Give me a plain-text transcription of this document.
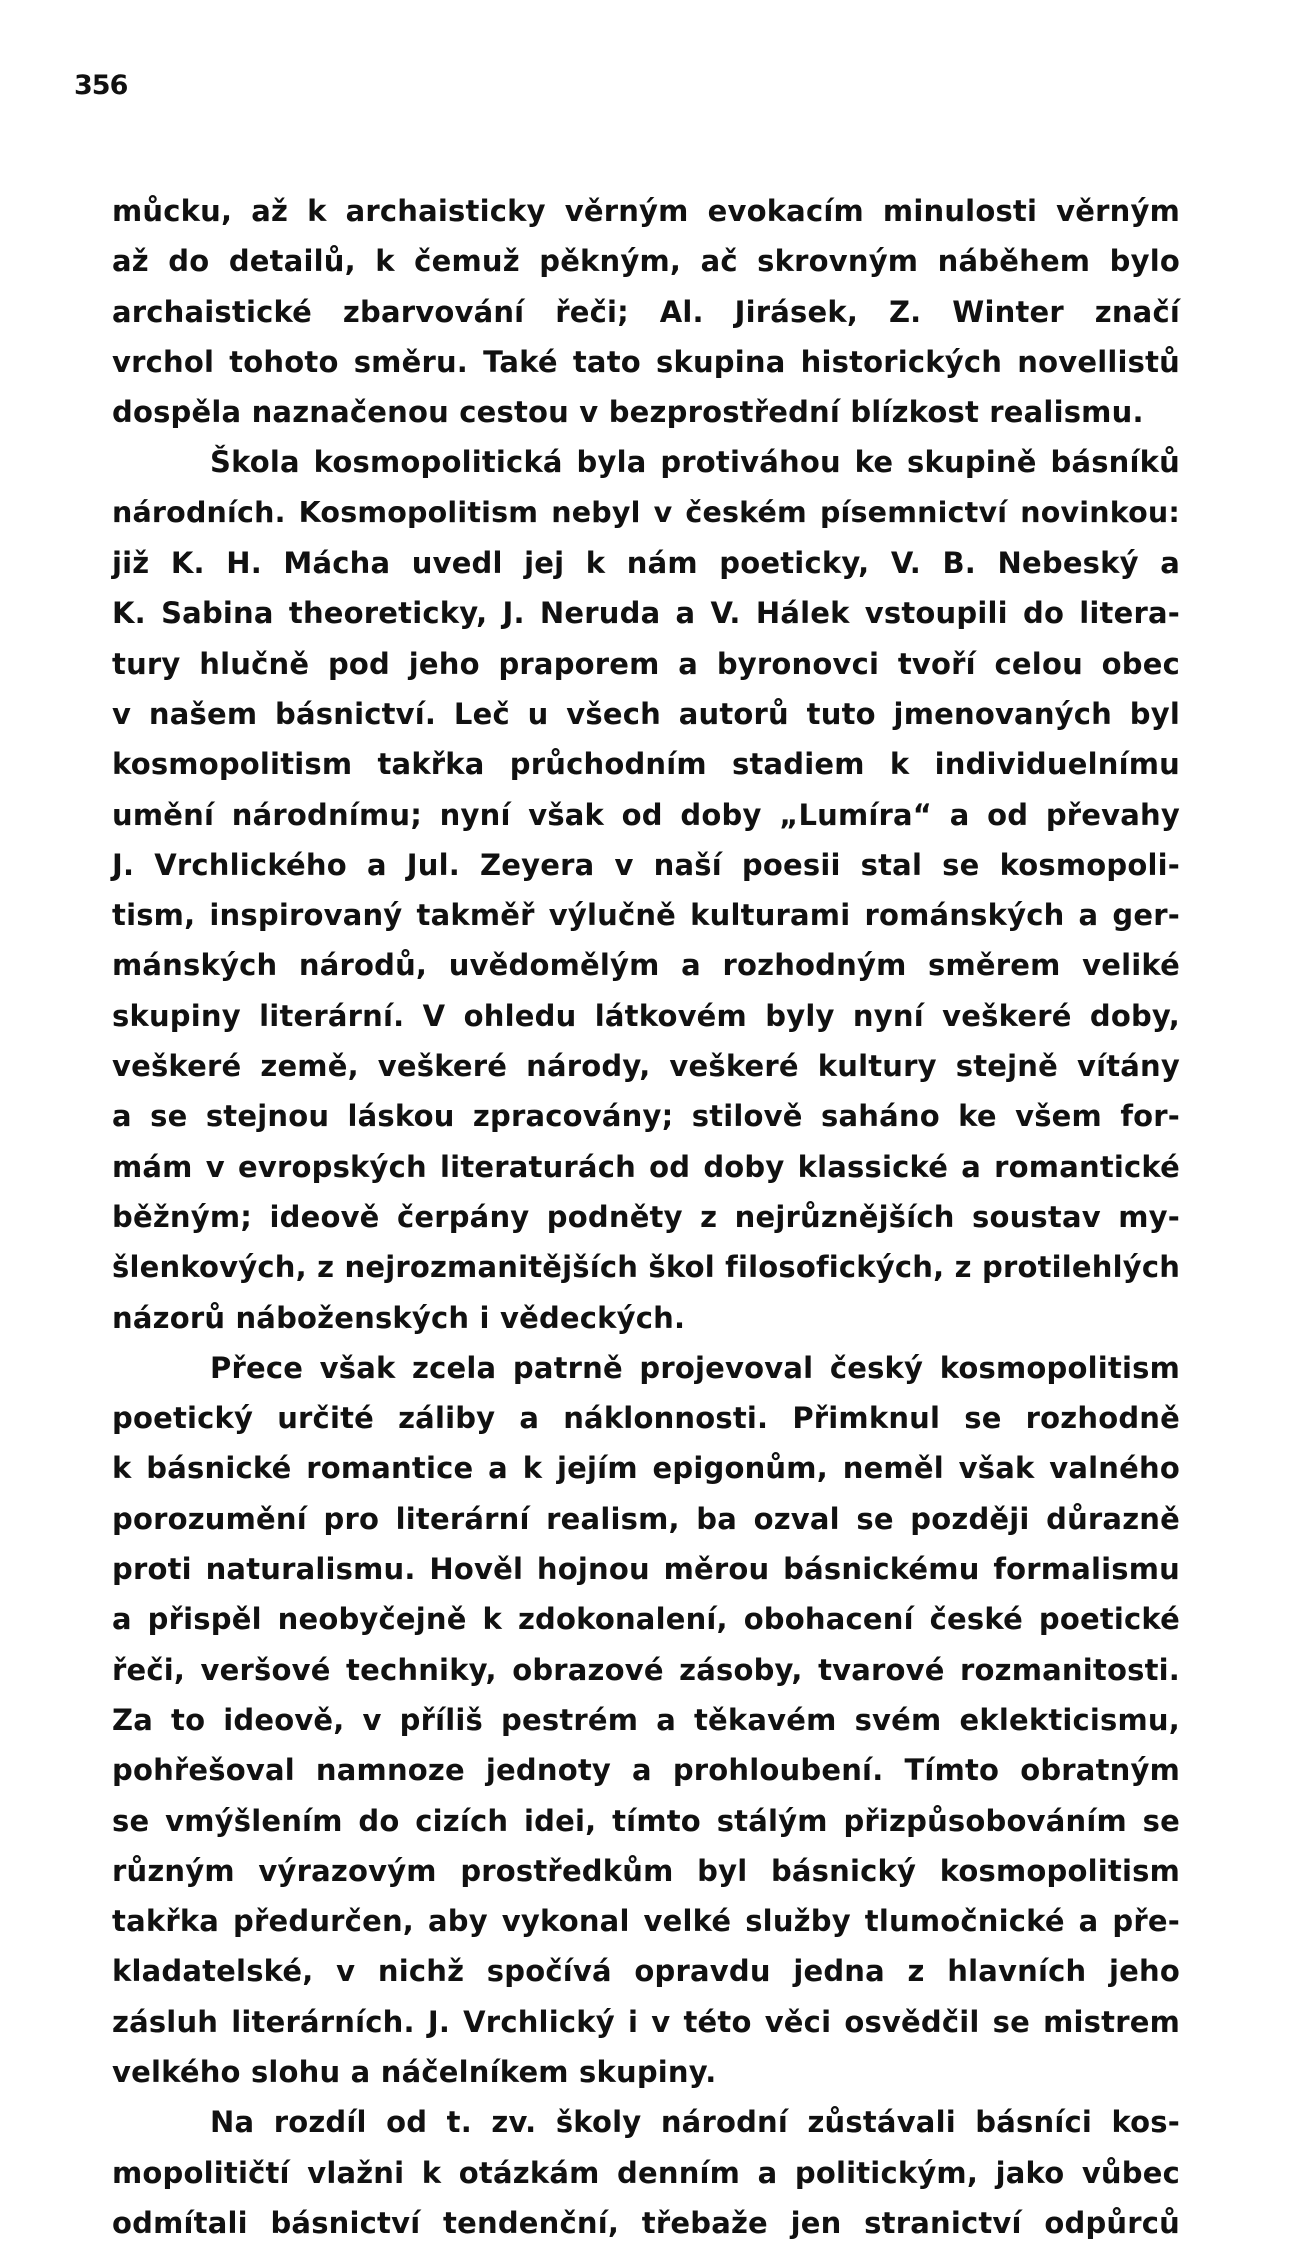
356
můcku, až k archaisticky věrným evokacím minulosti věrným
až do detailů, k čemuž pěkným, ač skrovným náběhem bylo
archaistické zbarvování řeči; Al. Jirásek, Z. Winter značí
vrchol tohoto směru. Také tato skupina historických novellistů
dospěla naznačenou cestou v bezprostřední blízkost realismu.
Škola kosmopolitická byla protiváhou ke skupině básníků
národních. Kosmopolitism nebyl v českém písemnictví novinkou:
již K. H. Mácha uvedl jej k nám poeticky, V. B. Nebeský a
K. Sabina theoreticky, J. Neruda a V. Hálek vstoupili do litera-
tury hlučně pod jeho praporem a byronovci tvoří celou obec
v našem básnictví. Leč u všech autorů tuto jmenovaných byl
kosmopolitism takřka průchodním stadiem k individuelnímu
umění národnímu; nyní však od doby „Lumíra“ a od převahy
J. Vrchlického a Jul. Zeyera v naší poesii stal se kosmopoli-
tism, inspirovaný takměř výlučně kulturami románských a ger-
mánských národů, uvědomělým a rozhodným směrem veliké
skupiny literární. V ohledu látkovém byly nyní veškeré doby,
veškeré země, veškeré národy, veškeré kultury stejně vítány
a se stejnou láskou zpracovány; stilově saháno ke všem for-
mám v evropských literaturách od doby klassické a romantické
běžným; ideově čerpány podněty z nejrůznějších soustav my-
šlenkových, z nejrozmanitějších škol filosofických, z protilehlých
názorů náboženských i vědeckých.
Přece však zcela patrně projevoval český kosmopolitism
poetický určité záliby a náklonnosti. Přimknul se rozhodně
k básnické romantice a k jejím epigonům, neměl však valného
porozumění pro literární realism, ba ozval se později důrazně
proti naturalismu. Hověl hojnou měrou básnickému formalismu
a přispěl neobyčejně k zdokonalení, obohacení české poetické
řeči, veršové techniky, obrazové zásoby, tvarové rozmanitosti.
Za to ideově, v příliš pestrém a těkavém svém eklekticismu,
pohřešoval namnoze jednoty a prohloubení. Tímto obratným
se vmýšlením do cizích idei, tímto stálým přizpůsobováním se
různým výrazovým prostředkům byl básnický kosmopolitism
takřka předurčen, aby vykonal velké služby tlumočnické a pře-
kladatelské, v nichž spočívá opravdu jedna z hlavních jeho
zásluh literárních. J. Vrchlický i v této věci osvědčil se mistrem
velkého slohu a náčelníkem skupiny.
Na rozdíl od t. zv. školy národní zůstávali básníci kos-
mopolitičtí vlažni k otázkám denním a politickým, jako vůbec
odmítali básnictví tendenční, třebaže jen stranictví odpůrců
